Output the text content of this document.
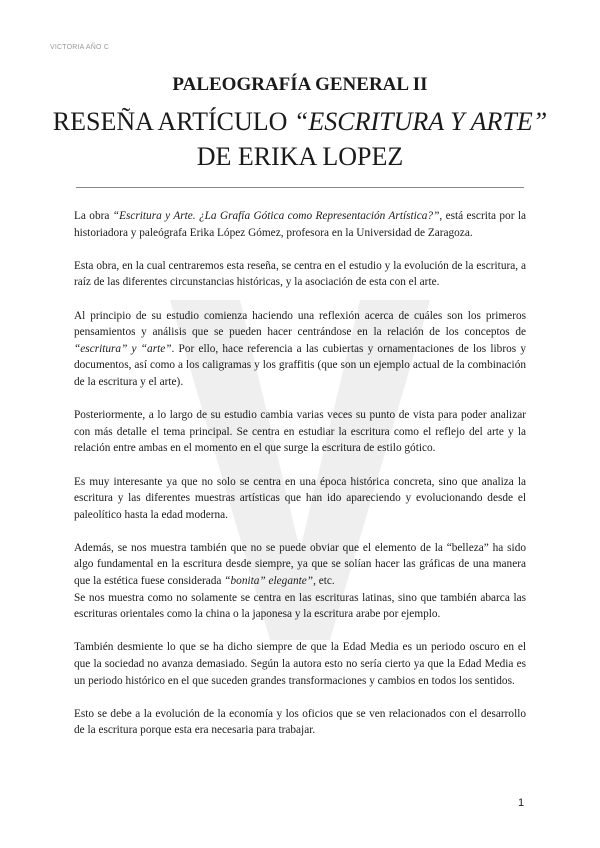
VICTORIA AÑO C
PALEOGRAFÍA GENERAL II
RESEÑA ARTÍCULO “ESCRITURA Y ARTE” DE ERIKA LOPEZ

La obra “Escritura y Arte. ¿La Grafía Gótica como Representación Artística?”, está escrita por la historiadora y paleógrafa Erika López Gómez, profesora en la Universidad de Zaragoza.

Esta obra, en la cual centraremos esta reseña, se centra en el estudio y la evolución de la escritura, a raíz de las diferentes circunstancias históricas, y la asociación de esta con el arte.

Al principio de su estudio comienza haciendo una reflexión acerca de cuáles son los primeros pensamientos y análisis que se pueden hacer centrándose en la relación de los conceptos de “escritura” y “arte”. Por ello, hace referencia a las cubiertas y ornamentaciones de los libros y documentos, así como a los caligramas y los graffitis (que son un ejemplo actual de la combinación de la escritura y el arte).

Posteriormente, a lo largo de su estudio cambia varias veces su punto de vista para poder analizar con más detalle el tema principal. Se centra en estudiar la escritura como el reflejo del arte y la relación entre ambas en el momento en el que surge la escritura de estilo gótico.

Es muy interesante ya que no solo se centra en una época histórica concreta, sino que analiza la escritura y las diferentes muestras artísticas que han ido apareciendo y evolucionando desde el paleolítico hasta la edad moderna.

Además, se nos muestra también que no se puede obviar que el elemento de la “belleza” ha sido algo fundamental en la escritura desde siempre, ya que se solían hacer las gráficas de una manera que la estética fuese considerada “bonita” elegante”, etc.

Se nos muestra como no solamente se centra en las escrituras latinas, sino que también abarca las escrituras orientales como la china o la japonesa y la escritura arabe por ejemplo.

También desmiente lo que se ha dicho siempre de que la Edad Media es un periodo oscuro en el que la sociedad no avanza demasiado. Según la autora esto no sería cierto ya que la Edad Media es un periodo histórico en el que suceden grandes transformaciones y cambios en todos los sentidos.

Esto se debe a la evolución de la economía y los oficios que se ven relacionados con el desarrollo de la escritura porque esta era necesaria para trabajar.

1
